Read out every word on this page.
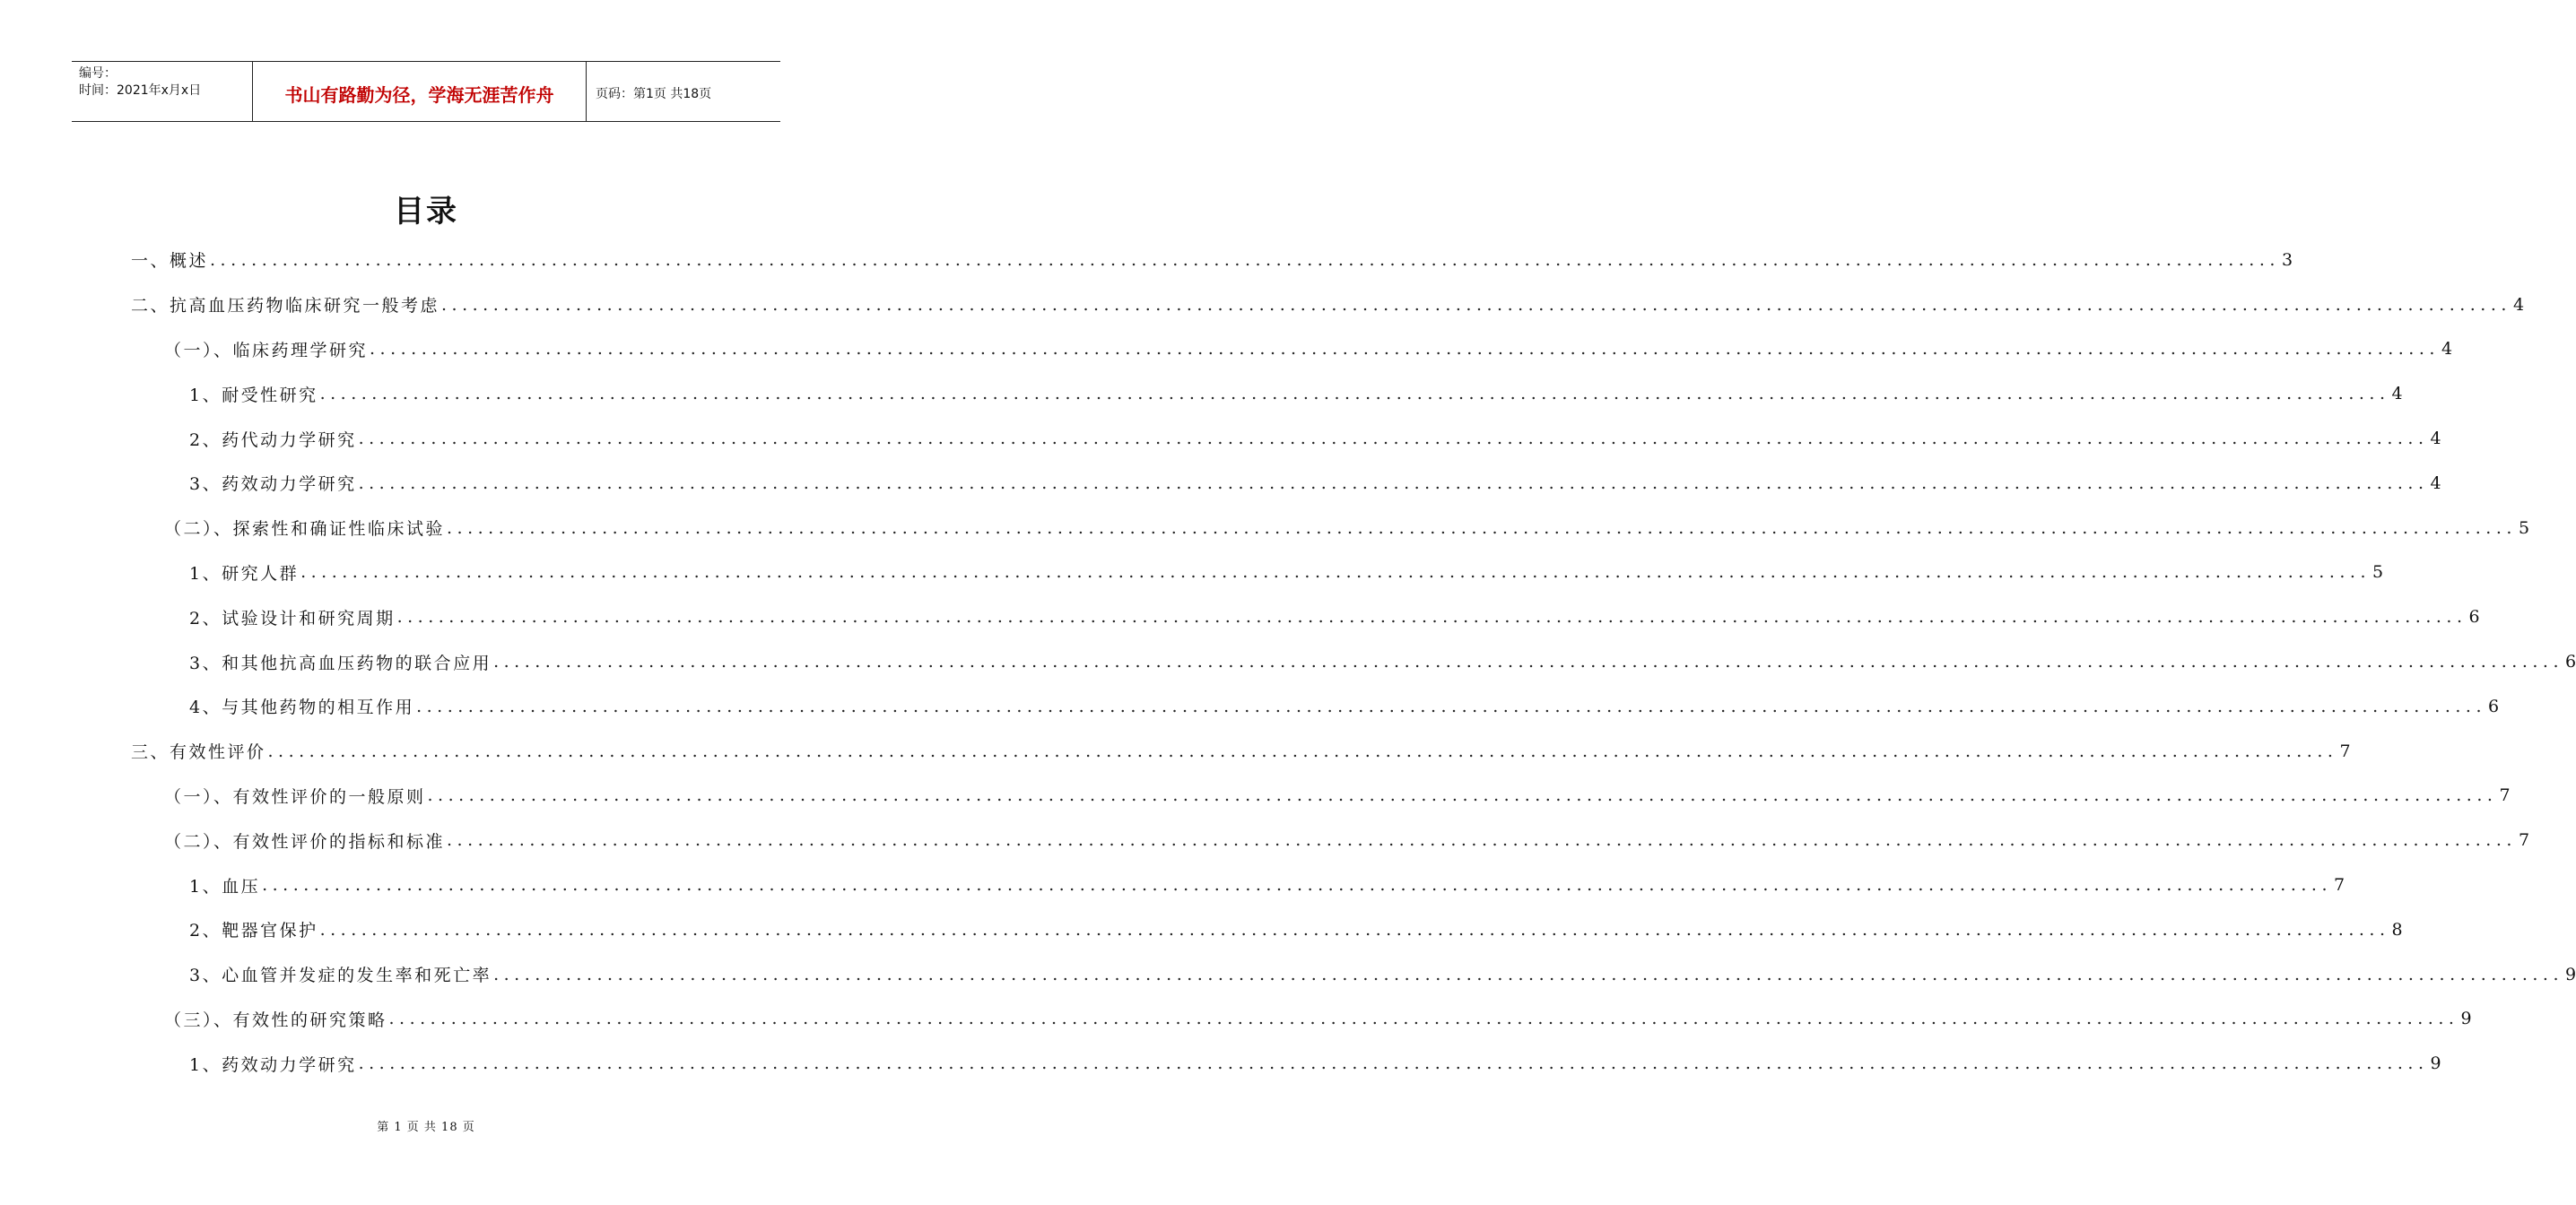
编号：
时间：2021年x月x日	书山有路勤为径，学海无涯苦作舟	页码：第1页 共18页
目录
一、概述 ........................................................................................................................................................................................................ 3
二、抗高血压药物临床研究一般考虑 ........................................................................................................................................................................................................ 4
（一）、临床药理学研究 ........................................................................................................................................................................................................ 4
1、耐受性研究 ........................................................................................................................................................................................................ 4
2、药代动力学研究 ........................................................................................................................................................................................................ 4
3、药效动力学研究 ........................................................................................................................................................................................................ 4
（二）、探索性和确证性临床试验 ........................................................................................................................................................................................................ 5
1、研究人群 ........................................................................................................................................................................................................ 5
2、试验设计和研究周期 ........................................................................................................................................................................................................ 6
3、和其他抗高血压药物的联合应用 ........................................................................................................................................................................................................ 6
4、与其他药物的相互作用 ........................................................................................................................................................................................................ 6
三、有效性评价 ........................................................................................................................................................................................................ 7
（一）、有效性评价的一般原则 ........................................................................................................................................................................................................ 7
（二）、有效性评价的指标和标准 ........................................................................................................................................................................................................ 7
1、血压 ........................................................................................................................................................................................................ 7
2、靶器官保护 ........................................................................................................................................................................................................ 8
3、心血管并发症的发生率和死亡率 ........................................................................................................................................................................................................ 9
（三）、有效性的研究策略 ........................................................................................................................................................................................................ 9
1、药效动力学研究 ........................................................................................................................................................................................................ 9
第 1 页 共 18 页
